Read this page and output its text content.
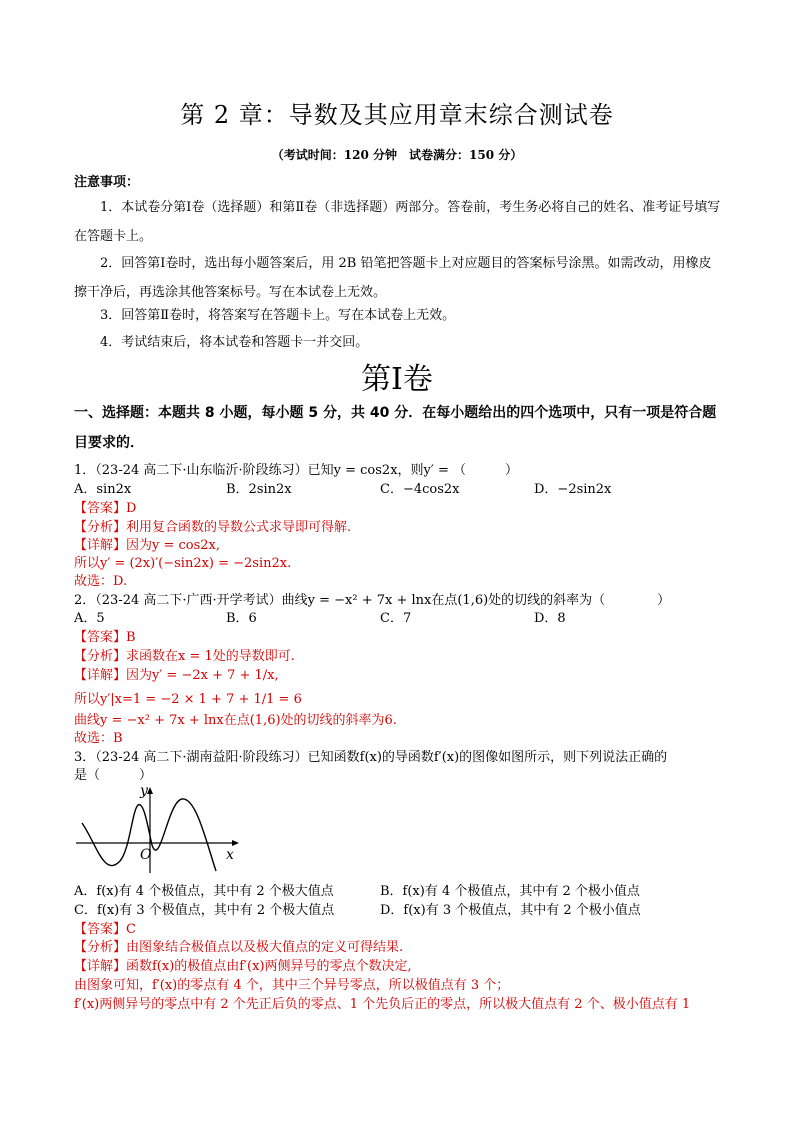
第 2 章：导数及其应用章末综合测试卷
（考试时间：120 分钟　试卷满分：150 分）
注意事项：
1．本试卷分第Ⅰ卷（选择题）和第Ⅱ卷（非选择题）两部分。答卷前，考生务必将自己的姓名、准考证号填写在答题卡上。
2．回答第Ⅰ卷时，选出每小题答案后，用 2B 铅笔把答题卡上对应题目的答案标号涂黑。如需改动，用橡皮擦干净后，再选涂其他答案标号。写在本试卷上无效。
3．回答第Ⅱ卷时，将答案写在答题卡上。写在本试卷上无效。
4．考试结束后，将本试卷和答题卡一并交回。
第Ⅰ卷
一、选择题：本题共 8 小题，每小题 5 分，共 40 分．在每小题给出的四个选项中，只有一项是符合题目要求的．
1．（23-24 高二下·山东临沂·阶段练习）已知y = cos2x，则y′ = （　　　）
A．sin2x	B．2sin2x	C．−4cos2x	D．−2sin2x
【答案】D
【分析】利用复合函数的导数公式求导即可得解.
【详解】因为y = cos2x,
所以y′ = (2x)′(−sin2x) = −2sin2x.
故选：D.
2．（23-24 高二下·广西·开学考试）曲线y = −x² + 7x + lnx在点(1,6)处的切线的斜率为（　　　　）
A．5	B．6	C．7	D．8
【答案】B
【分析】求函数在x = 1处的导数即可.
【详解】因为y′ = −2x + 7 + 1/x,
所以y′|x=1 = −2 × 1 + 7 + 1/1 = 6
曲线y = −x² + 7x + lnx在点(1,6)处的切线的斜率为6.
故选：B
3．（23-24 高二下·湖南益阳·阶段练习）已知函数f(x)的导函数f′(x)的图像如图所示，则下列说法正确的
是（　　　）
y
x
O
A．f(x)有 4 个极值点，其中有 2 个极大值点	B．f(x)有 4 个极值点，其中有 2 个极小值点
C．f(x)有 3 个极值点，其中有 2 个极大值点	D．f(x)有 3 个极值点，其中有 2 个极小值点
【答案】C
【分析】由图象结合极值点以及极大值点的定义可得结果.
【详解】函数f(x)的极值点由f′(x)两侧异号的零点个数决定,
由图象可知，f′(x)的零点有 4 个，其中三个异号零点，所以极值点有 3 个；
f′(x)两侧异号的零点中有 2 个先正后负的零点、1 个先负后正的零点，所以极大值点有 2 个、极小值点有 1
